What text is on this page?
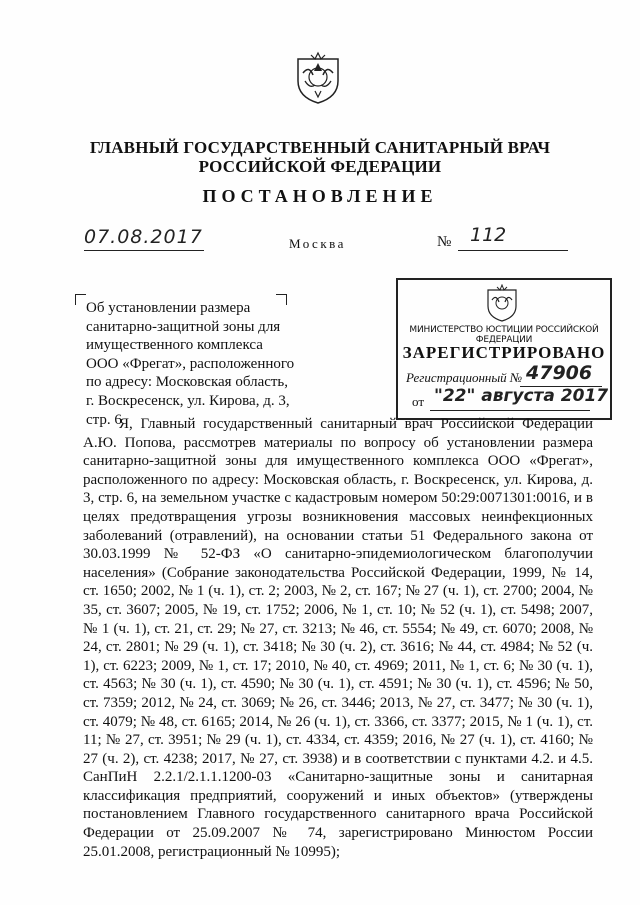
ГЛАВНЫЙ ГОСУДАРСТВЕННЫЙ САНИТАРНЫЙ ВРАЧ
РОССИЙСКОЙ ФЕДЕРАЦИИ
ПОСТАНОВЛЕНИЕ
07.08.2017	Москва	№ 112
Об установлении размера
санитарно-защитной зоны для
имущественного комплекса
ООО «Фрегат», расположенного
по адресу: Московская область,
г. Воскресенск, ул. Кирова, д. 3, стр. 6
МИНИСТЕРСТВО ЮСТИЦИИ РОССИЙСКОЙ ФЕДЕРАЦИИ
ЗАРЕГИСТРИРОВАНО
Регистрационный № 47906
от "22" августа 2017
Я, Главный государственный санитарный врач Российской Федерации А.Ю. Попова, рассмотрев материалы по вопросу об установлении размера санитарно-защитной зоны для имущественного комплекса ООО «Фрегат», расположенного по адресу: Московская область, г. Воскресенск, ул. Кирова, д. 3, стр. 6, на земельном участке с кадастровым номером 50:29:0071301:0016, и в целях предотвращения угрозы возникновения массовых неинфекционных заболеваний (отравлений), на основании статьи 51 Федерального закона от 30.03.1999 № 52-ФЗ «О санитарно-эпидемиологическом благополучии населения» (Собрание законодательства Российской Федерации, 1999, № 14, ст. 1650; 2002, № 1 (ч. 1), ст. 2; 2003, № 2, ст. 167; № 27 (ч. 1), ст. 2700; 2004, № 35, ст. 3607; 2005, № 19, ст. 1752; 2006, № 1, ст. 10; № 52 (ч. 1), ст. 5498; 2007, № 1 (ч. 1), ст. 21, ст. 29; № 27, ст. 3213; № 46, ст. 5554; № 49, ст. 6070; 2008, № 24, ст. 2801; № 29 (ч. 1), ст. 3418; № 30 (ч. 2), ст. 3616; № 44, ст. 4984; № 52 (ч. 1), ст. 6223; 2009, № 1, ст. 17; 2010, № 40, ст. 4969; 2011, № 1, ст. 6; № 30 (ч. 1), ст. 4563; № 30 (ч. 1), ст. 4590; № 30 (ч. 1), ст. 4591; № 30 (ч. 1), ст. 4596; № 50, ст. 7359; 2012, № 24, ст. 3069; № 26, ст. 3446; 2013, № 27, ст. 3477; № 30 (ч. 1), ст. 4079; № 48, ст. 6165; 2014, № 26 (ч. 1), ст. 3366, ст. 3377; 2015, № 1 (ч. 1), ст. 11; № 27, ст. 3951; № 29 (ч. 1), ст. 4334, ст. 4359; 2016, № 27 (ч. 1), ст. 4160; № 27 (ч. 2), ст. 4238; 2017, № 27, ст. 3938) и в соответствии с пунктами 4.2. и 4.5. СанПиН 2.2.1/2.1.1.1200-03 «Санитарно-защитные зоны и санитарная классификация предприятий, сооружений и иных объектов» (утверждены постановлением Главного государственного санитарного врача Российской Федерации от 25.09.2007 № 74, зарегистрировано Минюстом России 25.01.2008, регистрационный № 10995);
